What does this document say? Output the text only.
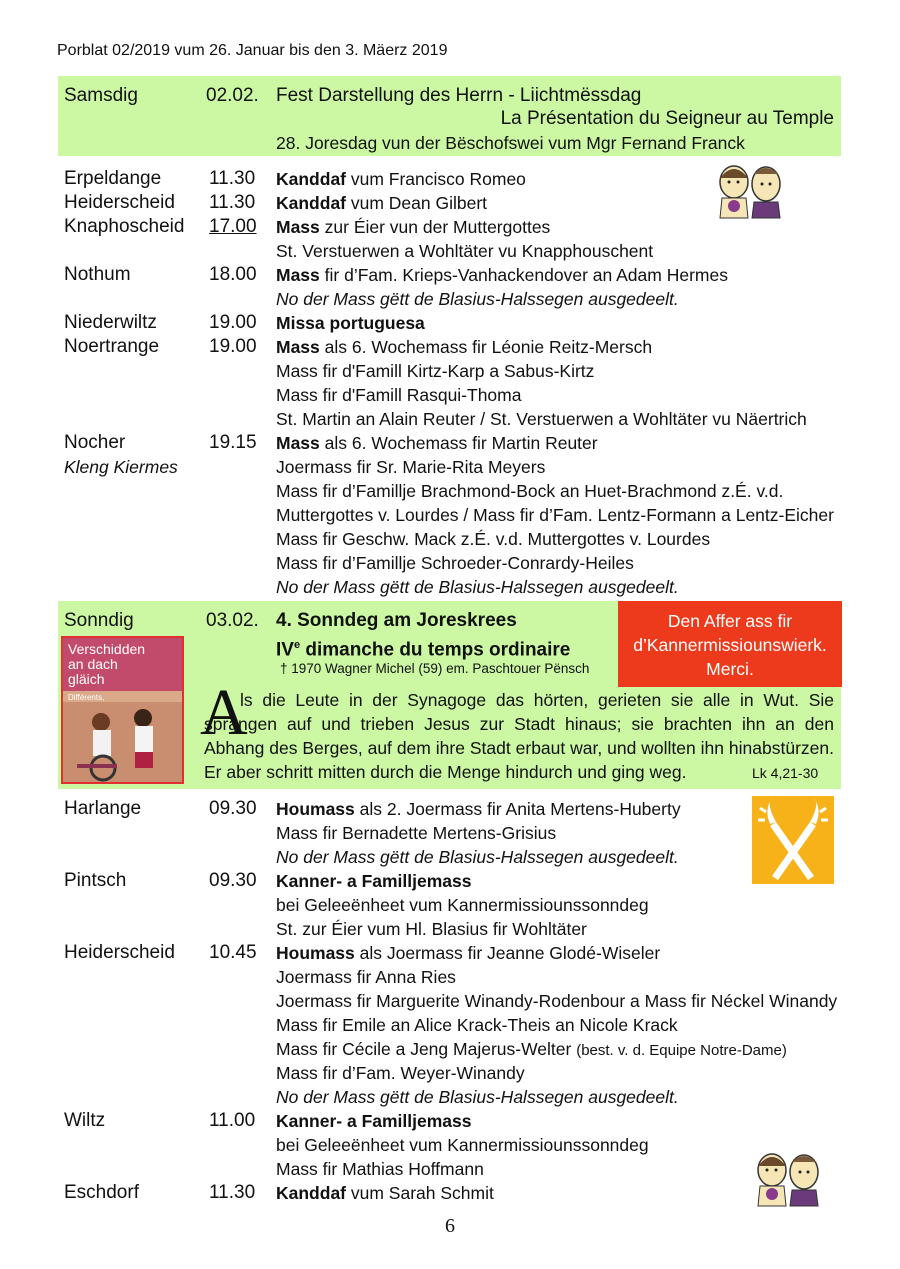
Porblat 02/2019 vum 26. Januar bis den 3. Mäerz 2019
Samsdig	02.02. Fest Darstellung des Herrn - Liichtmëssdag
La Présentation du Seigneur au Temple
28. Joresdag vun der Bëschofswei vum Mgr Fernand Franck
Erpeldange	11.30 Kanddaf vum Francisco Romeo
Heiderscheid 11.30 Kanddaf vum Dean Gilbert
Knaphoscheid 17.00 Mass zur Éier vun der Muttergottes
St. Verstuerwen a Wohltäter vu Knapphouschent
Nothum	18.00 Mass fir d’Fam. Krieps-Vanhackendover an Adam Hermes
No der Mass gëtt de Blasius-Halssegen ausgedeelt.
Niederwiltz	19.00 Missa portuguesa
Noertrange	19.00 Mass als 6. Wochemass fir Léonie Reitz-Mersch
Mass fir d'Famill Kirtz-Karp a Sabus-Kirtz
Mass fir d'Famill Rasqui-Thoma
St. Martin an Alain Reuter / St. Verstuerwen a Wohltäter vu Näertrich
Nocher	19.15 Mass als 6. Wochemass fir Martin Reuter
Kleng Kiermes	Joermass fir Sr. Marie-Rita Meyers
Mass fir d’Famillje Brachmond-Bock an Huet-Brachmond z.É. v.d.
Muttergottes v. Lourdes / Mass fir d’Fam. Lentz-Formann a Lentz-Eicher
Mass fir Geschw. Mack z.É. v.d. Muttergottes v. Lourdes
Mass fir d’Famillje Schroeder-Conrardy-Heiles
No der Mass gëtt de Blasius-Halssegen ausgedeelt.
Sonndig	03.02. 4. Sonndeg am Joreskrees
IVe dimanche du temps ordinaire
† 1970 Wagner Michel (59) em. Paschtouer Pënsch
Den Affer ass fir
d’Kannermissiounswierk.
Merci.
Verschidden
an dach
gläich
Différents, A
ls die Leute in der Synagoge das hörten, gerieten sie alle in Wut. Sie sprangen auf und trieben Jesus zur Stadt hinaus; sie brachten ihn an den Abhang des Berges, auf dem ihre Stadt erbaut war, und wollten ihn hinabstürzen. Er aber schritt mitten durch die Menge hindurch und ging weg.	Lk 4,21-30
Harlange	09.30 Houmass als 2. Joermass fir Anita Mertens-Huberty
Mass fir Bernadette Mertens-Grisius
No der Mass gëtt de Blasius-Halssegen ausgedeelt.
Pintsch	09.30 Kanner- a Familljemass
bei Geleeënheet vum Kannermissiounssonndeg
St. zur Éier vum Hl. Blasius fir Wohltäter
Heiderscheid 10.45 Houmass als Joermass fir Jeanne Glodé-Wiseler
Joermass fir Anna Ries
Joermass fir Marguerite Winandy-Rodenbour a Mass fir Néckel Winandy
Mass fir Emile an Alice Krack-Theis an Nicole Krack
Mass fir Cécile a Jeng Majerus-Welter (best. v. d. Equipe Notre-Dame)
Mass fir d’Fam. Weyer-Winandy
No der Mass gëtt de Blasius-Halssegen ausgedeelt.
Wiltz	11.00 Kanner- a Familljemass
bei Geleeënheet vum Kannermissiounssonndeg
Mass fir Mathias Hoffmann
Eschdorf	11.30 Kanddaf vum Sarah Schmit
6
